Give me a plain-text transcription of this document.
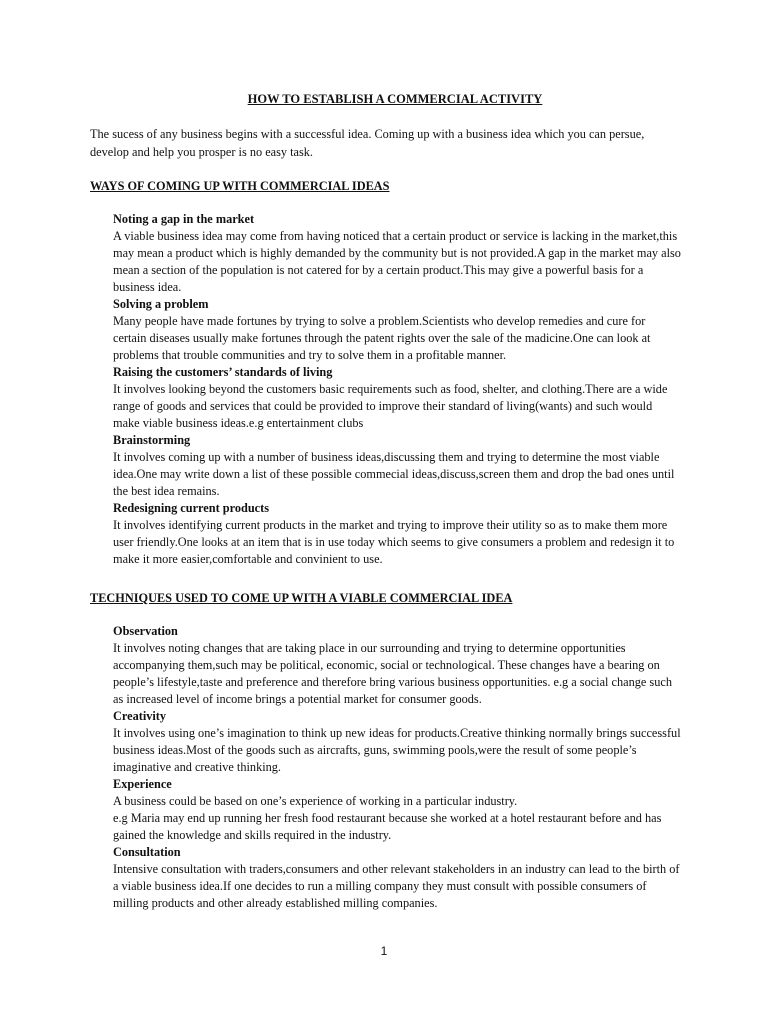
HOW TO ESTABLISH A COMMERCIAL ACTIVITY

The sucess of any business begins with a successful idea. Coming up with a business idea which you can persue, develop and help you prosper is no easy task.

WAYS OF COMING UP WITH COMMERCIAL IDEAS

Noting a gap in the market

A viable business idea may come from having noticed that a certain product or service is lacking in the market,this may mean a product which is highly demanded by the community but is not provided.A gap in the market may also mean a section of the population is not catered for by a certain product.This may give a powerful basis for a business idea.

Solving a problem

Many people have made fortunes by trying to solve a problem.Scientists who develop remedies and cure for certain diseases usually make fortunes through the patent rights over the sale of the madicine.One can look at problems that trouble communities and try to solve them in a profitable manner.

Raising the customers’ standards of living

It involves looking beyond the customers basic requirements such as food, shelter, and clothing.There are a wide range of goods and services that could be provided to improve their standard of living(wants) and such would make viable business ideas.e.g entertainment clubs

Brainstorming

It involves coming up with a number of business ideas,discussing them and trying to determine the most viable idea.One may write down a list of these possible commecial ideas,discuss,screen them and drop the bad ones until the best idea remains.

Redesigning current products

It involves identifying current products in the market and trying to improve their utility so as to make them more user friendly.One looks at an item that is in use today which seems to give consumers a problem and redesign it to make it more easier,comfortable and convinient to use.

TECHNIQUES USED TO COME UP WITH A VIABLE COMMERCIAL IDEA

Observation

It involves noting changes that are taking place in our surrounding and trying to determine opportunities accompanying them,such may be political, economic, social or technological. These changes have a bearing on people’s lifestyle,taste and preference and therefore bring various business opportunities. e.g a social change such as increased level of income brings a potential market for consumer goods.

Creativity

It involves using one’s imagination to think up new ideas for products.Creative thinking normally brings successful business ideas.Most of the goods such as aircrafts, guns, swimming pools,were the result of some people’s imaginative and creative thinking.

Experience

A business could be based on one’s experience of working in a particular industry.
e.g Maria may end up running her fresh food restaurant because she worked at a hotel restaurant before and has gained the knowledge and skills required in the industry.

Consultation

Intensive consultation with traders,consumers and other relevant stakeholders in an industry can lead to the birth of a viable business idea.If one decides to run a milling company they must consult with possible consumers of milling products and other already established milling companies.

1
